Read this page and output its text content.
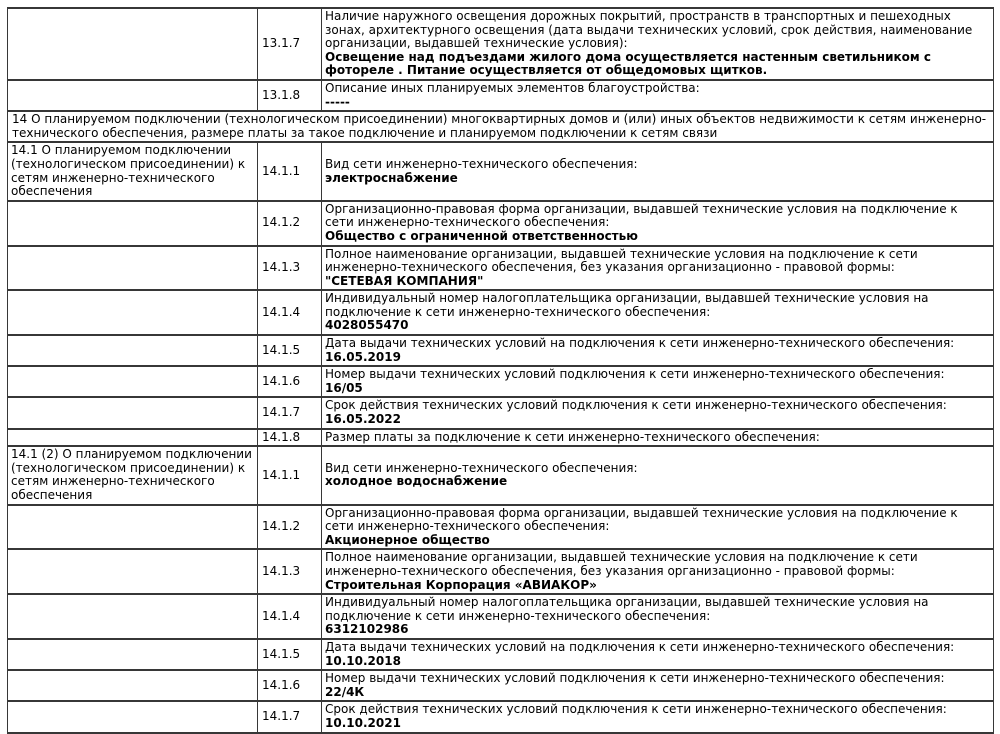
	13.1.7	Наличие наружного освещения дорожных покрытий, пространств в транспортных и пешеходных зонах, архитектурного освещения (дата выдачи технических условий, срок действия, наименование организации, выдавшей технические условия):
Освещение над подъездами жилого дома осуществляется настенным светильником с фотореле . Питание осуществляется от общедомовых щитков.

	13.1.8	Описание иных планируемых элементов благоустройства:
-----

14 О планируемом подключении (технологическом присоединении) многоквартирных домов и (или) иных объектов недвижимости к сетям инженерно-технического обеспечения, размере платы за такое подключение и планируемом подключении к сетям связи		
14.1 О планируемом подключении (технологическом присоединении) к сетям инженерно-технического обеспечения	14.1.1	Вид сети инженерно-технического обеспечения:
электроснабжение

	14.1.2	Организационно-правовая форма организации, выдавшей технические условия на подключение к сети инженерно-технического обеспечения:
Общество с ограниченной ответственностью

	14.1.3	Полное наименование организации, выдавшей технические условия на подключение к сети инженерно-технического обеспечения, без указания организационно - правовой формы:
"СЕТЕВАЯ КОМПАНИЯ"

	14.1.4	Индивидуальный номер налогоплательщика организации, выдавшей технические условия на подключение к сети инженерно-технического обеспечения:
4028055470

	14.1.5	Дата выдачи технических условий на подключения к сети инженерно-технического обеспечения:
16.05.2019

	14.1.6	Номер выдачи технических условий подключения к сети инженерно-технического обеспечения:
16/05

	14.1.7	Срок действия технических условий подключения к сети инженерно-технического обеспечения:
16.05.2022

	14.1.8	Размер платы за подключение к сети инженерно-технического обеспечения:

14.1 (2) О планируемом подключении (технологическом присоединении) к сетям инженерно-технического обеспечения	14.1.1	Вид сети инженерно-технического обеспечения:
холодное водоснабжение

	14.1.2	Организационно-правовая форма организации, выдавшей технические условия на подключение к сети инженерно-технического обеспечения:
Акционерное общество

	14.1.3	Полное наименование организации, выдавшей технические условия на подключение к сети инженерно-технического обеспечения, без указания организационно - правовой формы:
Строительная Корпорация «АВИАКОР»

	14.1.4	Индивидуальный номер налогоплательщика организации, выдавшей технические условия на подключение к сети инженерно-технического обеспечения:
6312102986

	14.1.5	Дата выдачи технических условий на подключения к сети инженерно-технического обеспечения:
10.10.2018

	14.1.6	Номер выдачи технических условий подключения к сети инженерно-технического обеспечения:
22/4К

	14.1.7	Срок действия технических условий подключения к сети инженерно-технического обеспечения:
10.10.2021
